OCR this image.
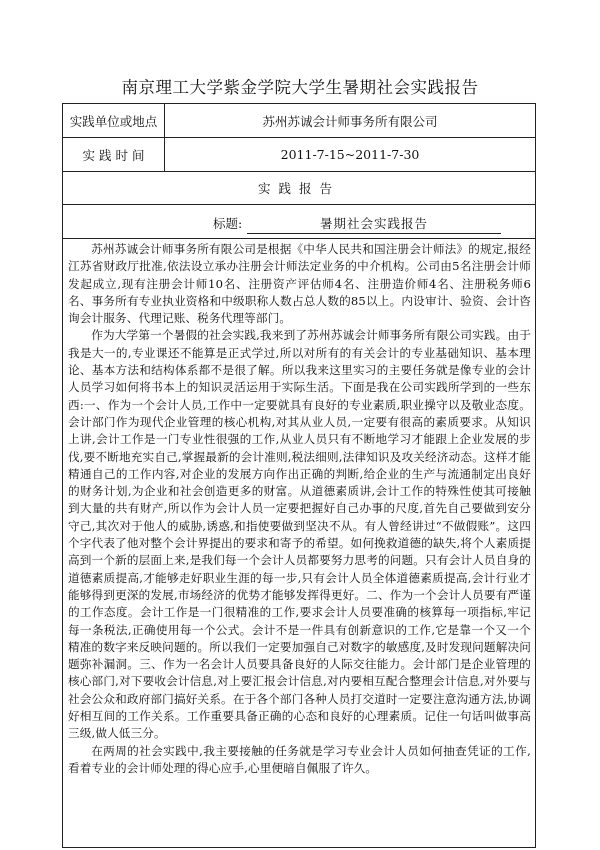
南京理工大学紫金学院大学生暑期社会实践报告
实践单位或地点	苏州苏诚会计师事务所有限公司
实 践 时 间	2011-7-15~2011-7-30
实践报告	

标题: 暑期社会实践报告	

苏州苏诚会计师事务所有限公司是根据《中华人民共和国注册会计师法》的规定,报经江苏省财政厅批准,依法设立承办注册会计师法定业务的中介机构。公司由5名注册会计师发起成立,现有注册会计师10名、注册资产评估师4名、注册造价师4名、注册税务师6名、事务所有专业执业资格和中级职称人数占总人数的85以上。内设审计、验资、会计咨询会计服务、代理记账、税务代理等部门。

作为大学第一个暑假的社会实践,我来到了苏州苏诚会计师事务所有限公司实践。由于我是大一的,专业课还不能算是正式学过,所以对所有的有关会计的专业基础知识、基本理论、基本方法和结构体系都不是很了解。所以我来这里实习的主要任务就是像专业的会计人员学习如何将书本上的知识灵活运用于实际生活。下面是我在公司实践所学到的一些东西:一、作为一个会计人员,工作中一定要就具有良好的专业素质,职业操守以及敬业态度。会计部门作为现代企业管理的核心机构,对其从业人员,一定要有很高的素质要求。从知识上讲,会计工作是一门专业性很强的工作,从业人员只有不断地学习才能跟上企业发展的步伐,要不断地充实自己,掌握最新的会计准则,税法细则,法律知识及攻关经济动态。这样才能精通自己的工作内容,对企业的发展方向作出正确的判断,给企业的生产与流通制定出良好的财务计划,为企业和社会创造更多的财富。从道德素质讲,会计工作的特殊性使其可接触到大量的共有财产,所以作为会计人员一定要把握好自己办事的尺度,首先自己要做到安分守己,其次对于他人的威胁,诱惑,和指使要做到坚决不从。有人曾经讲过“不做假账”。这四个字代表了他对整个会计界提出的要求和寄予的希望。如何挽救道德的缺失,将个人素质提高到一个新的层面上来,是我们每一个会计人员都要努力思考的问题。只有会计人员自身的道德素质提高,才能够走好职业生涯的每一步,只有会计人员全体道德素质提高,会计行业才能够得到更深的发展,市场经济的优势才能够发挥得更好。二、作为一个会计人员要有严谨的工作态度。会计工作是一门很精准的工作,要求会计人员要准确的核算每一项指标,牢记每一条税法,正确使用每一个公式。会计不是一件具有创新意识的工作,它是靠一个又一个精准的数字来反映问题的。所以我们一定要加强自己对数字的敏感度,及时发现问题解决问题弥补漏洞。三、作为一名会计人员要具备良好的人际交往能力。会计部门是企业管理的核心部门,对下要收会计信息,对上要汇报会计信息,对内要相互配合整理会计信息,对外要与社会公众和政府部门搞好关系。在于各个部门各种人员打交道时一定要注意沟通方法,协调好相互间的工作关系。工作重要具备正确的心态和良好的心理素质。记住一句话叫做事高三级,做人低三分。

在两周的社会实践中,我主要接触的任务就是学习专业会计人员如何抽查凭证的工作,看着专业的会计师处理的得心应手,心里便暗自佩服了许久。	
